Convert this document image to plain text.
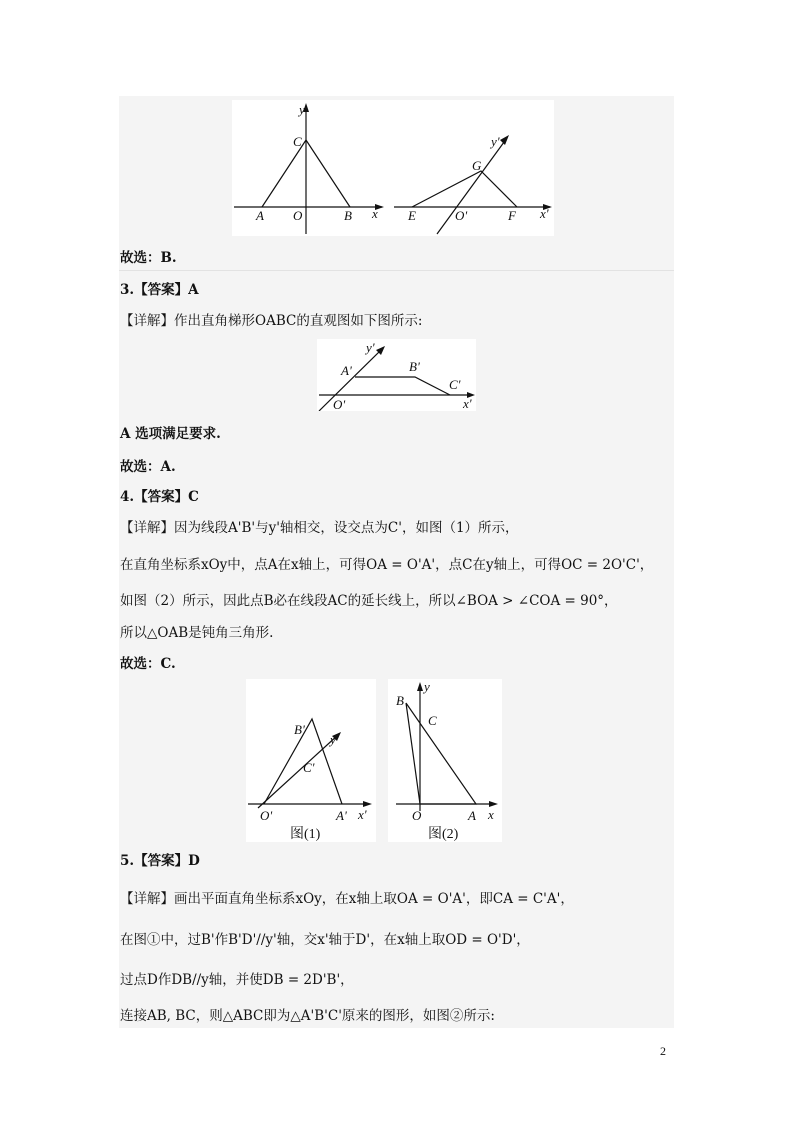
y
x
A O	B
C	y'
x'
E	O'	F
G
故选：B.
3.【答案】A
【详解】作出直角梯形OABC的直观图如下图所示:
y'
A'	B'
C'
O'	x'
A 选项满足要求.
故选：A.
4.【答案】C
【详解】因为线段A'B'与y'轴相交，设交点为C'，如图（1）所示，
在直角坐标系xOy中，点A在x轴上，可得OA = O'A'，点C在y轴上，可得OC = 2O'C'，
如图（2）所示，因此点B必在线段AC的延长线上，所以∠BOA > ∠COA = 90°，
所以△OAB是钝角三角形.
故选：C.
B'
y'
C'
O'	A' x'
图(1)
y
B
C
O	A x
图(2)
5.【答案】D
【详解】画出平面直角坐标系xOy，在x轴上取OA = O'A'，即CA = C'A'，
在图①中，过B'作B'D'//y'轴，交x'轴于D'，在x轴上取OD = O'D'，
过点D作DB//y轴，并使DB = 2D'B'，
连接AB, BC，则△ABC即为△A'B'C'原来的图形，如图②所示:
2
